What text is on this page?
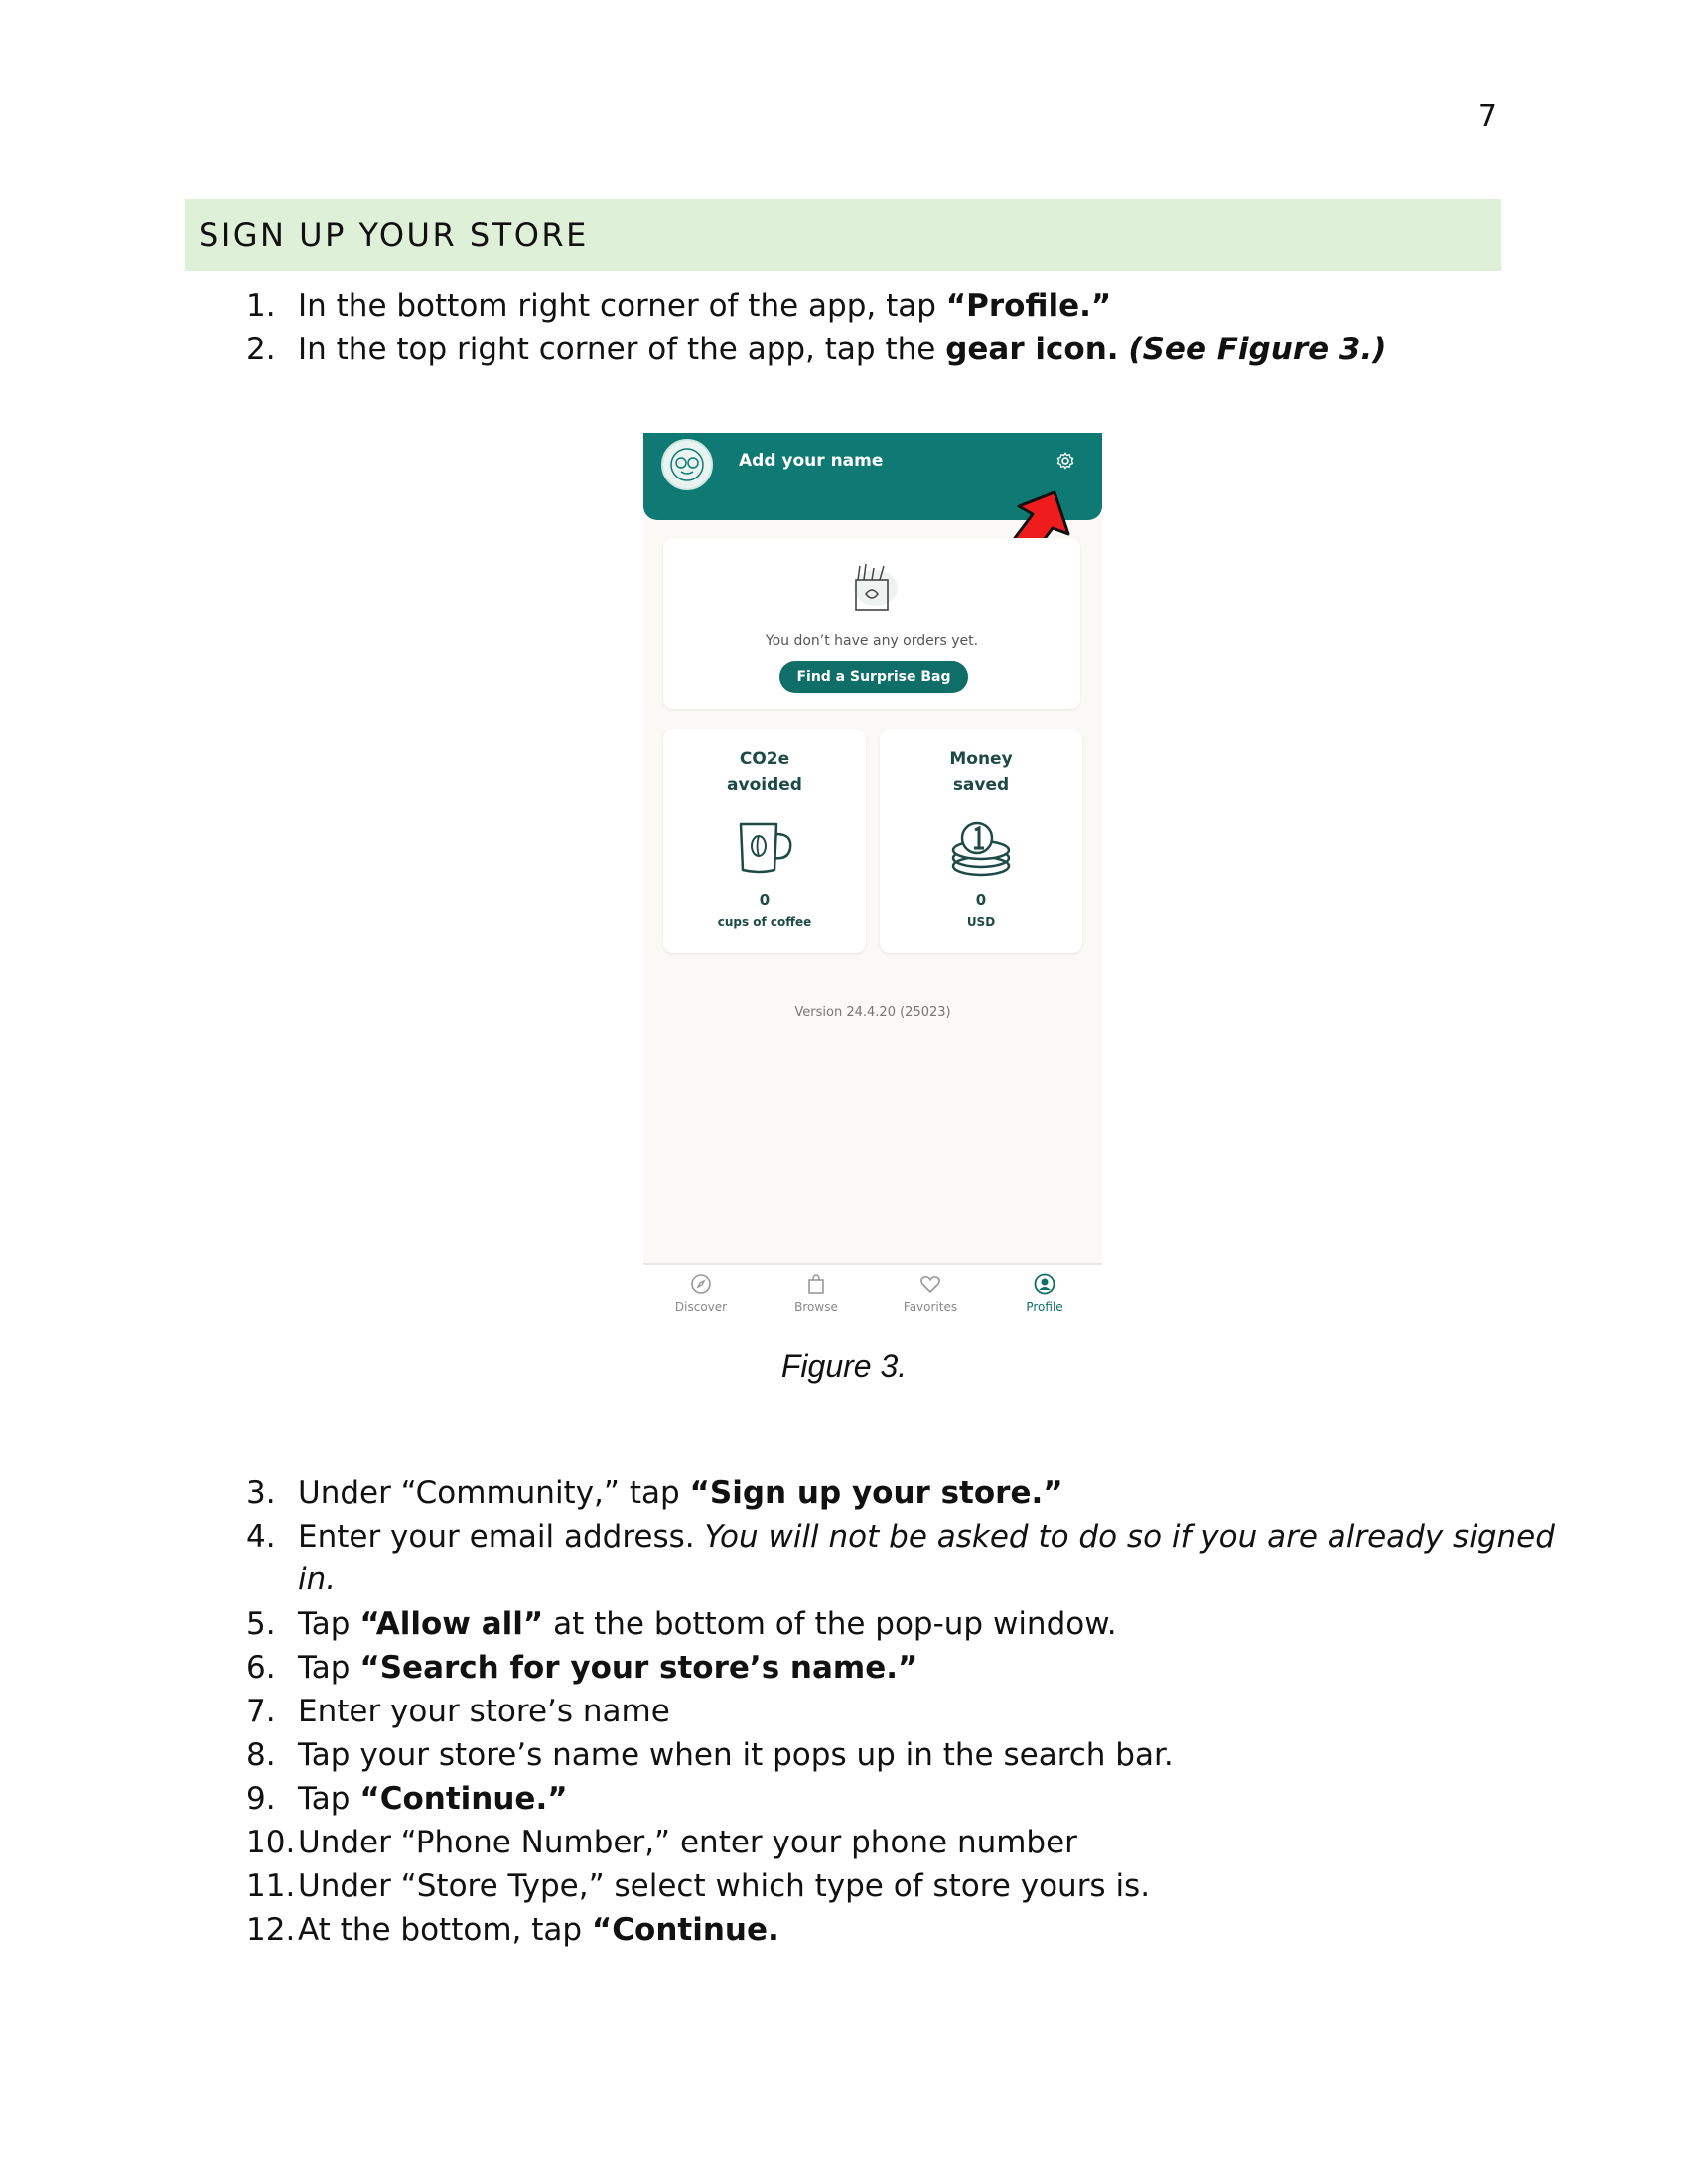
7
SIGN UP YOUR STORE
1. In the bottom right corner of the app, tap “Profile.”
2. In the top right corner of the app, tap the gear icon. (See Figure 3.)
Add your name
You don’t have any orders yet.
Find a Surprise Bag
CO2e
avoided
0
cups of coffee
Money
saved
0
USD
Version 24.4.20 (25023)
Discover	Browse	Favorites	Profile
Figure 3.
3. Under “Community,” tap “Sign up your store.”
4. Enter your email address. You will not be asked to do so if you are already signed
in.
5. Tap “Allow all” at the bottom of the pop-up window.
6. Tap “Search for your store’s name.”
7. Enter your store’s name
8. Tap your store’s name when it pops up in the search bar.
9. Tap “Continue.”
10. Under “Phone Number,” enter your phone number
11. Under “Store Type,” select which type of store yours is.
12. At the bottom, tap “Continue.
